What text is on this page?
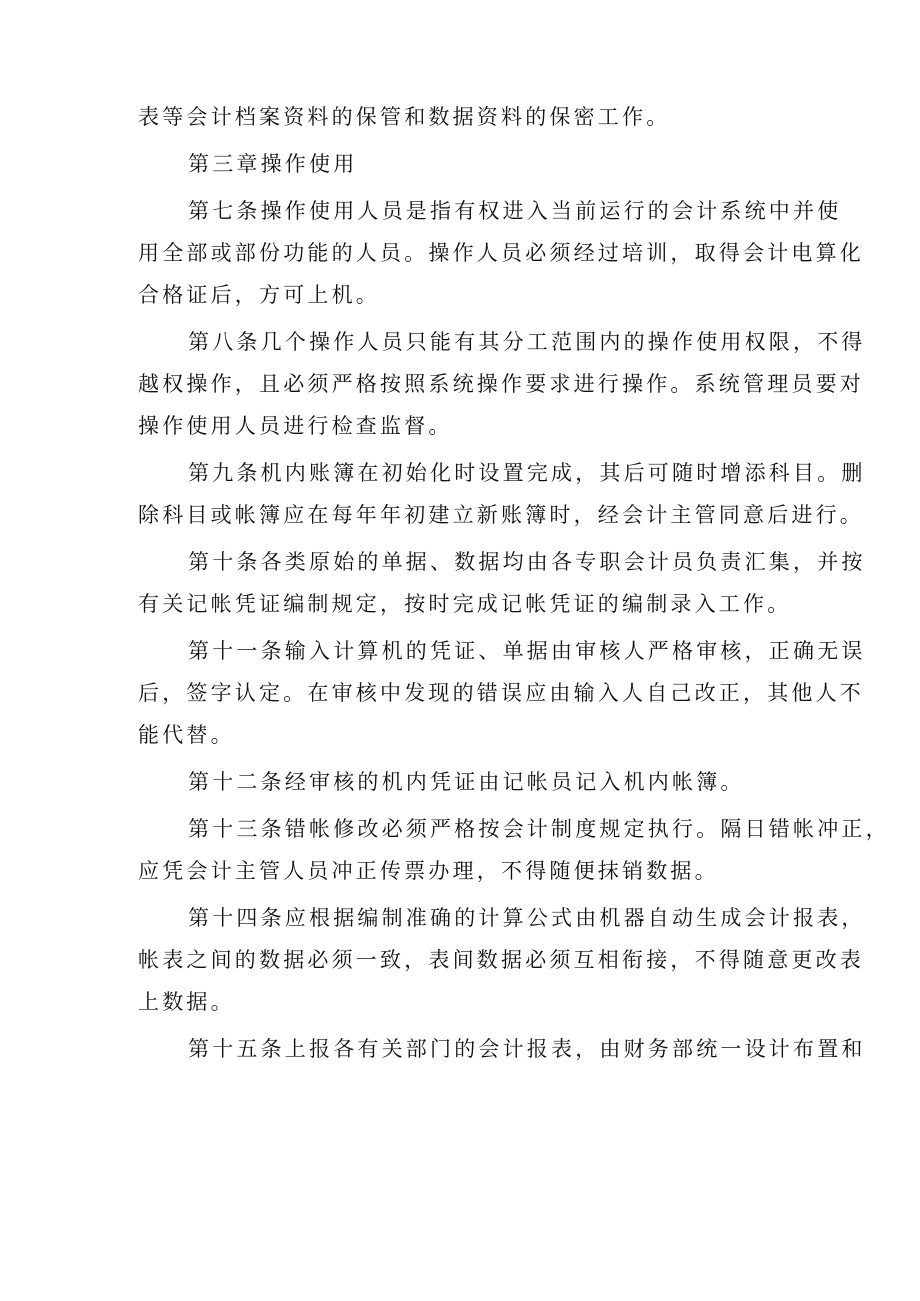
表等会计档案资料的保管和数据资料的保密工作。

第三章操作使用

第七条操作使用人员是指有权进入当前运行的会计系统中并使
用全部或部份功能的人员。操作人员必须经过培训，取得会计电算化
合格证后，方可上机。

第八条几个操作人员只能有其分工范围内的操作使用权限，不得
越权操作，且必须严格按照系统操作要求进行操作。系统管理员要对
操作使用人员进行检查监督。

第九条机内账簿在初始化时设置完成，其后可随时增添科目。删
除科目或帐簿应在每年年初建立新账簿时，经会计主管同意后进行。

第十条各类原始的单据、数据均由各专职会计员负责汇集，并按
有关记帐凭证编制规定，按时完成记帐凭证的编制录入工作。

第十一条输入计算机的凭证、单据由审核人严格审核，正确无误
后，签字认定。在审核中发现的错误应由输入人自己改正，其他人不
能代替。

第十二条经审核的机内凭证由记帐员记入机内帐簿。

第十三条错帐修改必须严格按会计制度规定执行。隔日错帐冲正，
应凭会计主管人员冲正传票办理，不得随便抹销数据。

第十四条应根据编制准确的计算公式由机器自动生成会计报表，
帐表之间的数据必须一致，表间数据必须互相衔接，不得随意更改表
上数据。

第十五条上报各有关部门的会计报表，由财务部统一设计布置和
